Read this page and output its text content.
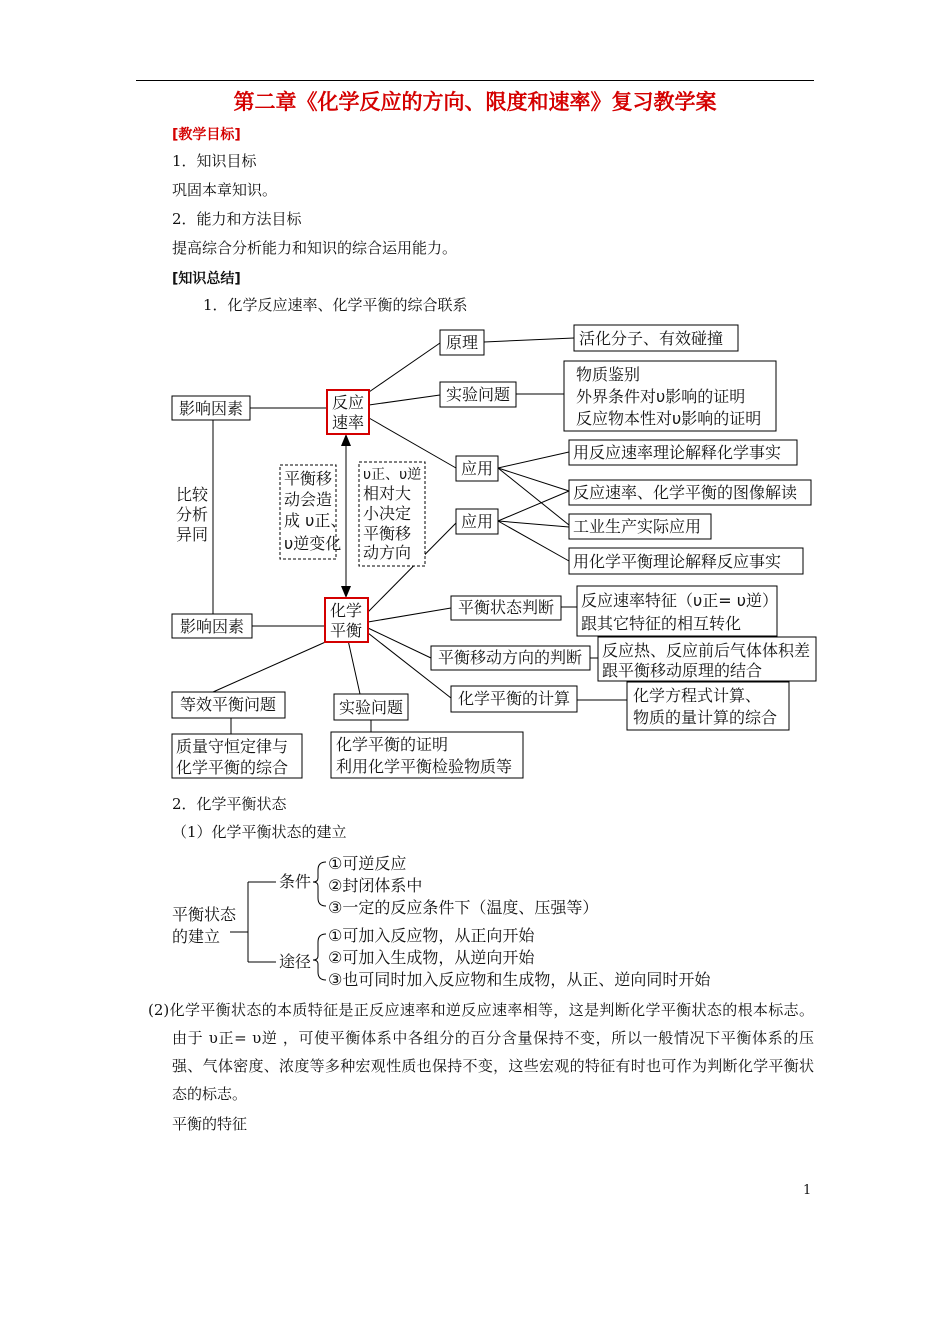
第二章《化学反应的方向、限度和速率》复习教学案
[教学目标]
1．知识目标
巩固本章知识。
2．能力和方法目标
提高综合分析能力和知识的综合运用能力。
[知识总结]
1．化学反应速率、化学平衡的综合联系
反应
速率
化学
平衡
影响因素
影响因素
比较
分析
异同
平衡移
动会造
成 υ正、
υ逆变化
υ正、υ逆
相对大
小决定
平衡移
动方向
原理	活化分子、有效碰撞
实验问题
物质鉴别
外界条件对υ影响的证明
反应物本性对υ影响的证明
应用
应用
用反应速率理论解释化学事实
反应速率、化学平衡的图像解读
工业生产实际应用
用化学平衡理论解释反应事实
平衡状态判断 反应速率特征（υ正= υ逆）
跟其它特征的相互转化
平衡移动方向的判断 反应热、反应前后气体体积差
跟平衡移动原理的结合
化学平衡的计算	化学方程式计算、
物质的量计算的综合
等效平衡问题
质量守恒定律与
化学平衡的综合
实验问题
化学平衡的证明
利用化学平衡检验物质等
2．化学平衡状态
（1）化学平衡状态的建立
平衡状态
的建立
条件
途径
①可逆反应
②封闭体系中
③一定的反应条件下（温度、压强等）
①可加入反应物，从正向开始
②可加入生成物，从逆向开始
③也可同时加入反应物和生成物，从正、逆向同时开始
(2)化学平衡状态的本质特征是正反应速率和逆反应速率相等，这是判断化学平衡状态的根本标志。由于 υ正= υ逆 ，可使平衡体系中各组分的百分含量保持不变，所以一般情况下平衡体系的压强、气体密度、浓度等多种宏观性质也保持不变，这些宏观的特征有时也可作为判断化学平衡状态的标志。
平衡的特征
1
